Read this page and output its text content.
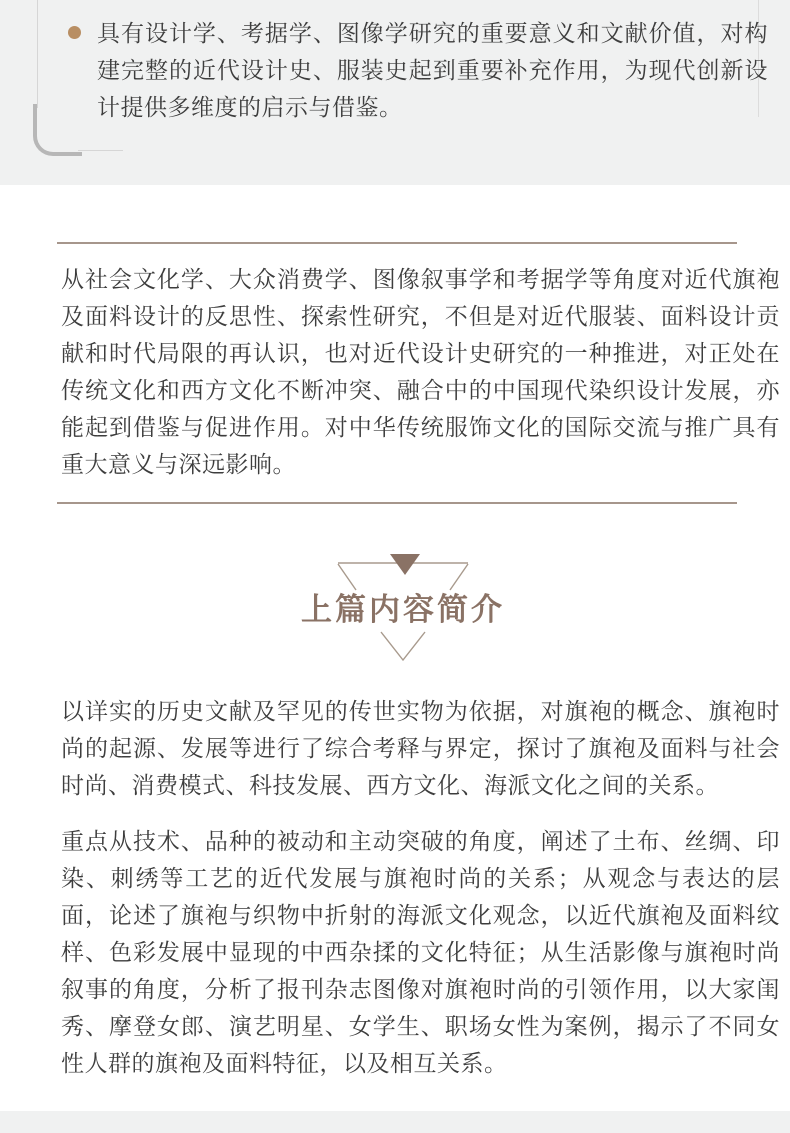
具有设计学、考据学、图像学研究的重要意义和文献价值，对构建完整的近代设计史、服装史起到重要补充作用，为现代创新设计提供多维度的启示与借鉴。

从社会文化学、大众消费学、图像叙事学和考据学等角度对近代旗袍及面料设计的反思性、探索性研究，不但是对近代服装、面料设计贡献和时代局限的再认识，也对近代设计史研究的一种推进，对正处在传统文化和西方文化不断冲突、融合中的中国现代染织设计发展，亦能起到借鉴与促进作用。对中华传统服饰文化的国际交流与推广具有重大意义与深远影响。

上篇内容简介

以详实的历史文献及罕见的传世实物为依据，对旗袍的概念、旗袍时尚的起源、发展等进行了综合考释与界定，探讨了旗袍及面料与社会时尚、消费模式、科技发展、西方文化、海派文化之间的关系。

重点从技术、品种的被动和主动突破的角度，阐述了土布、丝绸、印染、刺绣等工艺的近代发展与旗袍时尚的关系；从观念与表达的层面，论述了旗袍与织物中折射的海派文化观念，以近代旗袍及面料纹样、色彩发展中显现的中西杂揉的文化特征；从生活影像与旗袍时尚叙事的角度，分析了报刊杂志图像对旗袍时尚的引领作用，以大家闺秀、摩登女郎、演艺明星、女学生、职场女性为案例，揭示了不同女性人群的旗袍及面料特征，以及相互关系。
